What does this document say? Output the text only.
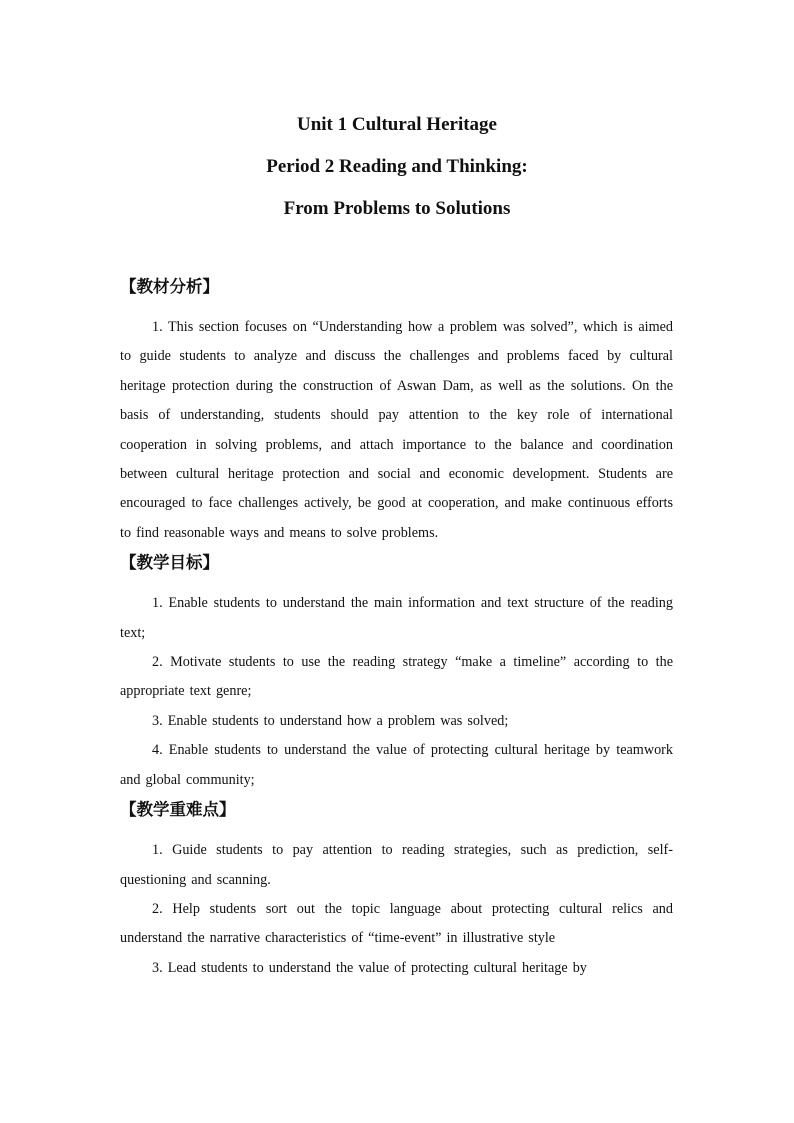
Unit 1 Cultural Heritage
Period 2 Reading and Thinking:
From Problems to Solutions
【教材分析】

1. This section focuses on “Understanding how a problem was solved”, which is aimed to guide students to analyze and discuss the challenges and problems faced by cultural heritage protection during the construction of Aswan Dam, as well as the solutions. On the basis of understanding, students should pay attention to the key role of international cooperation in solving problems, and attach importance to the balance and coordination between cultural heritage protection and social and economic development. Students are encouraged to face challenges actively, be good at cooperation, and make continuous efforts to find reasonable ways and means to solve problems.

【教学目标】

1. Enable students to understand the main information and text structure of the reading text;

2. Motivate students to use the reading strategy “make a timeline” according to the appropriate text genre;

3. Enable students to understand how a problem was solved;

4. Enable students to understand the value of protecting cultural heritage by teamwork and global community;

【教学重难点】

1. Guide students to pay attention to reading strategies, such as prediction, self-questioning and scanning.

2. Help students sort out the topic language about protecting cultural relics and understand the narrative characteristics of “time-event” in illustrative style

3. Lead students to understand the value of protecting cultural heritage by
